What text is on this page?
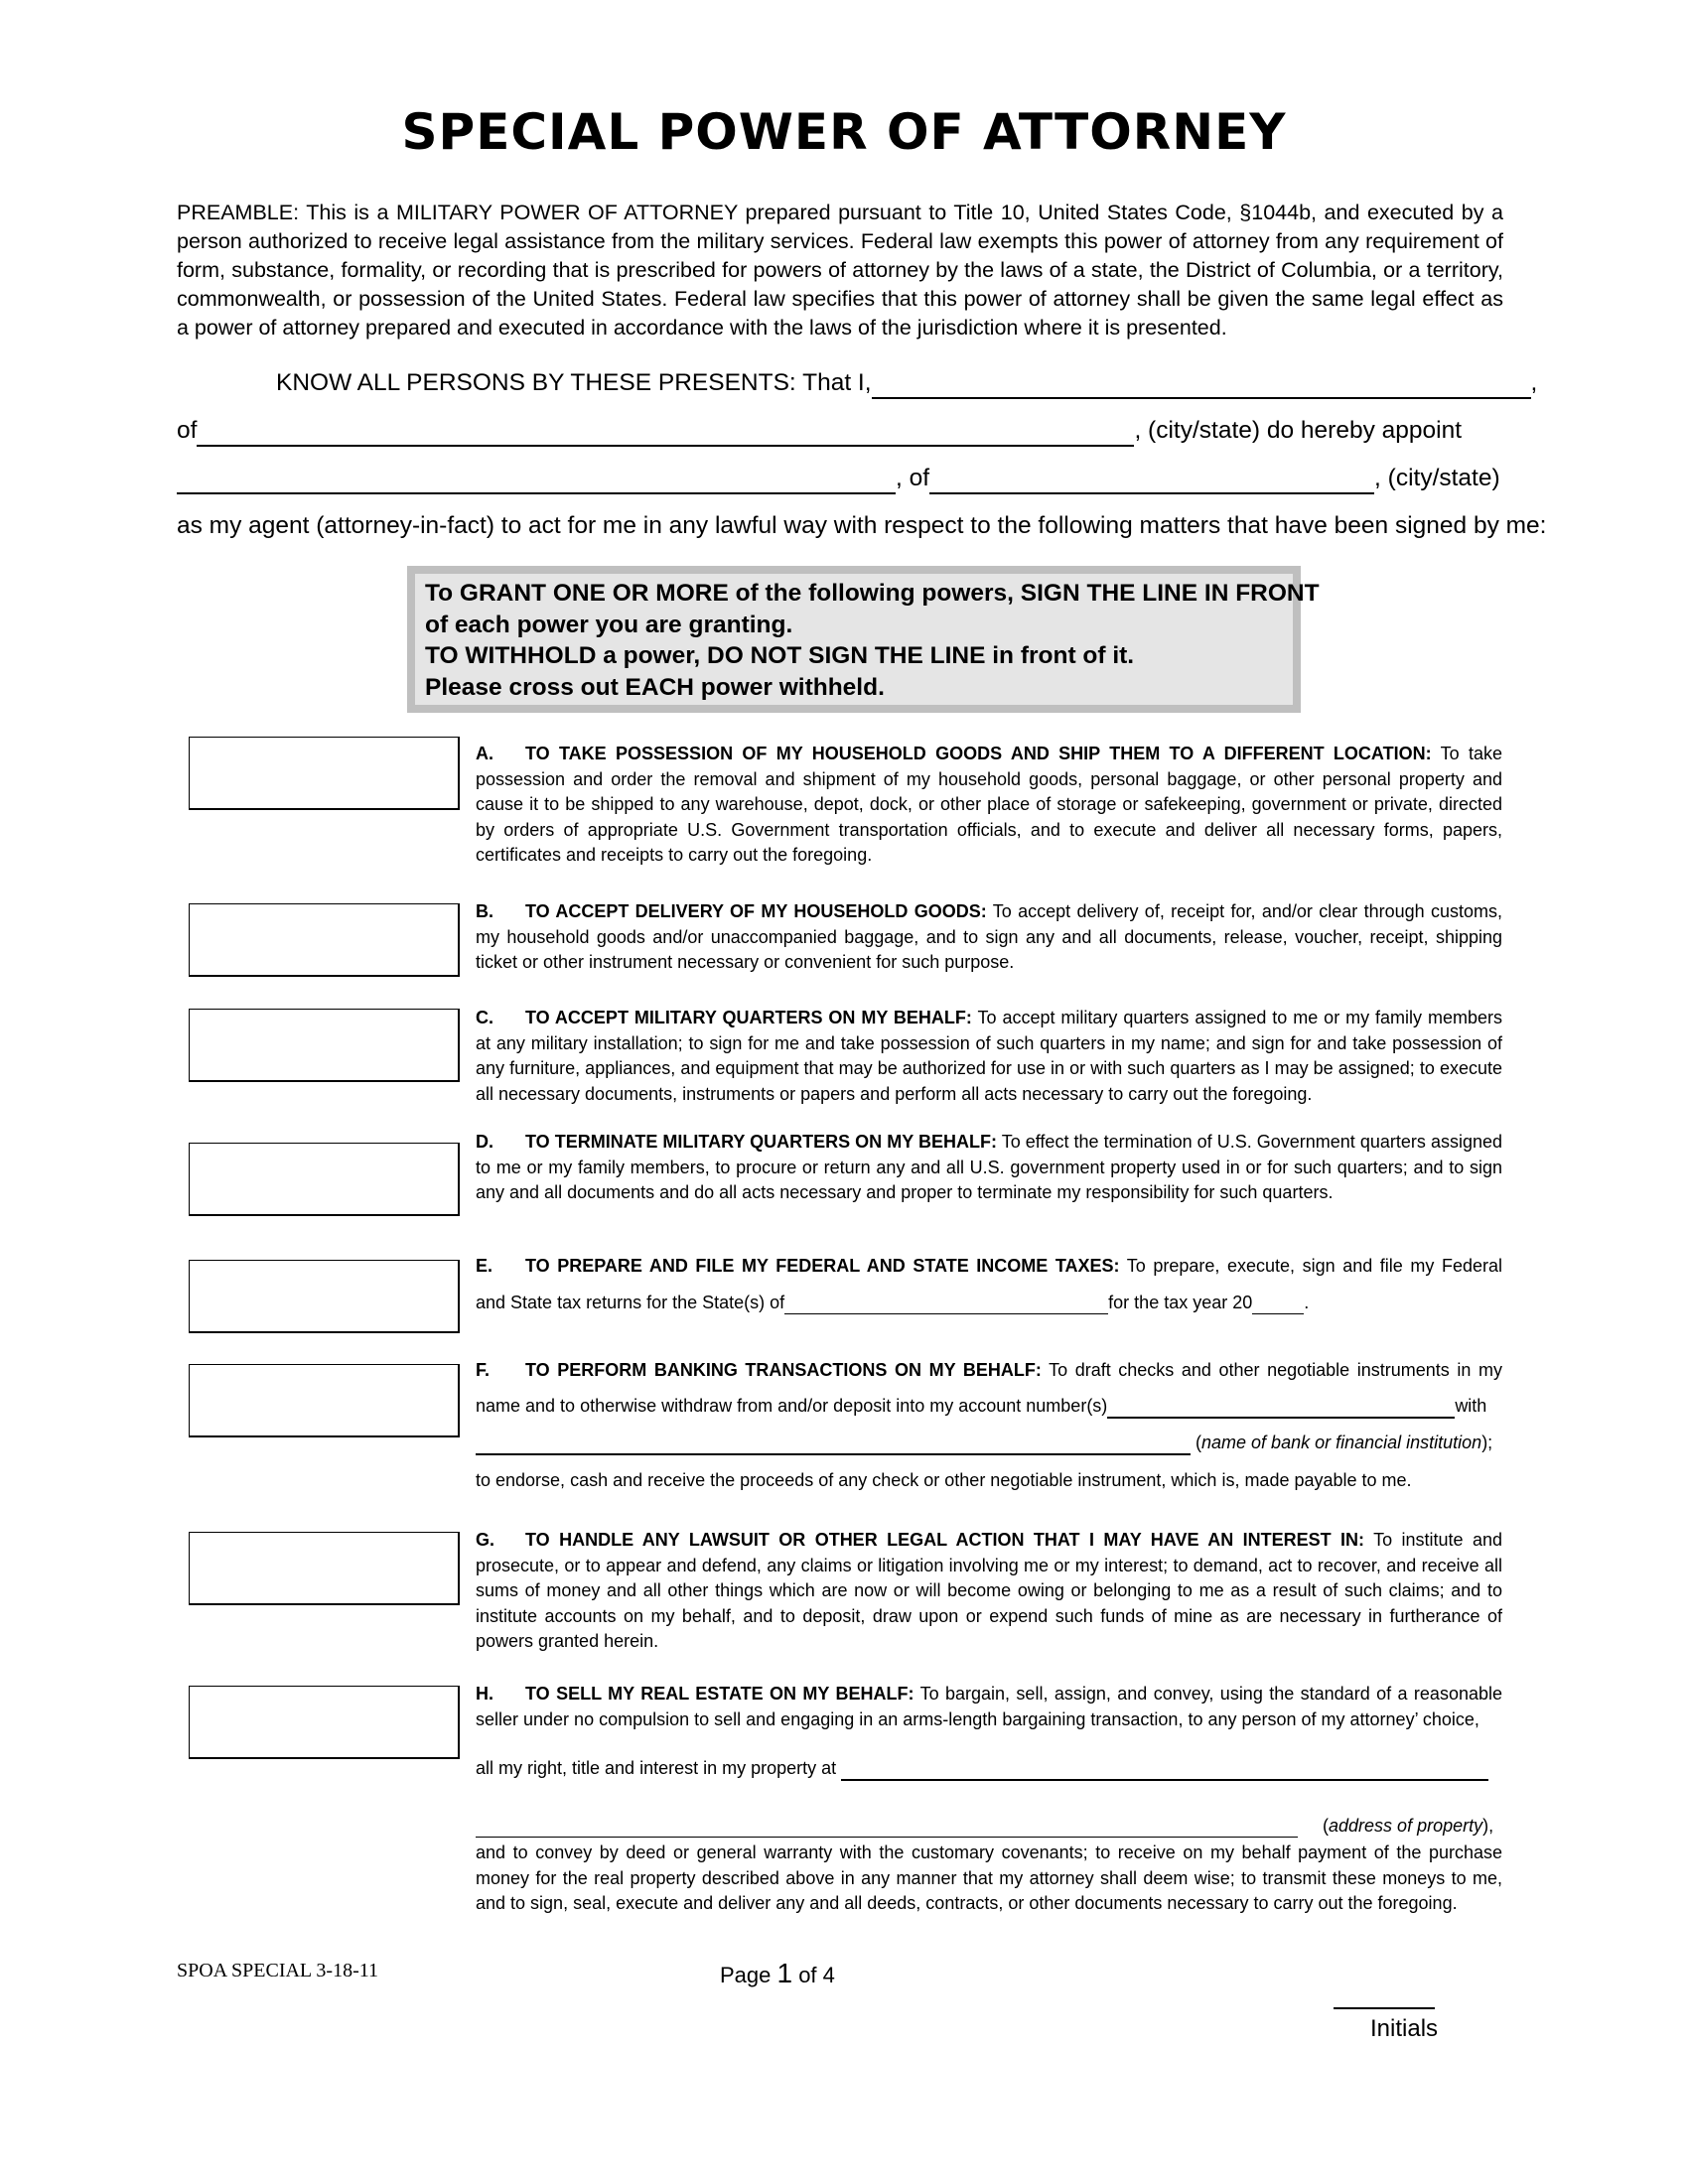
SPECIAL POWER OF ATTORNEY
PREAMBLE: This is a MILITARY POWER OF ATTORNEY prepared pursuant to Title 10, United States Code, §1044b, and executed by a person authorized to receive legal assistance from the military services. Federal law exempts this power of attorney from any requirement of form, substance, formality, or recording that is prescribed for powers of attorney by the laws of a state, the District of Columbia, or a territory, commonwealth, or possession of the United States. Federal law specifies that this power of attorney shall be given the same legal effect as a power of attorney prepared and executed in accordance with the laws of the jurisdiction where it is presented.
KNOW ALL PERSONS BY THESE PRESENTS: That I,	,
of	, (city/state) do hereby appoint
, of	, (city/state)
as my agent (attorney-in-fact) to act for me in any lawful way with respect to the following matters that have been signed by me:
To GRANT ONE OR MORE of the following powers, SIGN THE LINE IN FRONT
of each power you are granting.
TO WITHHOLD a power, DO NOT SIGN THE LINE in front of it.
Please cross out EACH power withheld.
A. TO TAKE POSSESSION OF MY HOUSEHOLD GOODS AND SHIP THEM TO A DIFFERENT LOCATION: To take possession and order the removal and shipment of my household goods, personal baggage, or other personal property and cause it to be shipped to any warehouse, depot, dock, or other place of storage or safekeeping, government or private, directed by orders of appropriate U.S. Government transportation officials, and to execute and deliver all necessary forms, papers, certificates and receipts to carry out the foregoing.
B. TO ACCEPT DELIVERY OF MY HOUSEHOLD GOODS: To accept delivery of, receipt for, and/or clear through customs, my household goods and/or unaccompanied baggage, and to sign any and all documents, release, voucher, receipt, shipping ticket or other instrument necessary or convenient for such purpose.
C. TO ACCEPT MILITARY QUARTERS ON MY BEHALF: To accept military quarters assigned to me or my family members at any military installation; to sign for me and take possession of such quarters in my name; and sign for and take possession of any furniture, appliances, and equipment that may be authorized for use in or with such quarters as I may be assigned; to execute all necessary documents, instruments or papers and perform all acts necessary to carry out the foregoing.
D. TO TERMINATE MILITARY QUARTERS ON MY BEHALF: To effect the termination of U.S. Government quarters assigned to me or my family members, to procure or return any and all U.S. government property used in or for such quarters; and to sign any and all documents and do all acts necessary and proper to terminate my responsibility for such quarters.
E. TO PREPARE AND FILE MY FEDERAL AND STATE INCOME TAXES: To prepare, execute, sign and file my Federal
and State tax returns for the State(s) of	for the tax year 20	.
F. TO PERFORM BANKING TRANSACTIONS ON MY BEHALF: To draft checks and other negotiable instruments in my
name and to otherwise withdraw from and/or deposit into my account number(s)	with
(name of bank or financial institution);
to endorse, cash and receive the proceeds of any check or other negotiable instrument, which is, made payable to me.
G. TO HANDLE ANY LAWSUIT OR OTHER LEGAL ACTION THAT I MAY HAVE AN INTEREST IN: To institute and prosecute, or to appear and defend, any claims or litigation involving me or my interest; to demand, act to recover, and receive all sums of money and all other things which are now or will become owing or belonging to me as a result of such claims; and to institute accounts on my behalf, and to deposit, draw upon or expend such funds of mine as are necessary in furtherance of powers granted herein.
H. TO SELL MY REAL ESTATE ON MY BEHALF: To bargain, sell, assign, and convey, using the standard of a reasonable seller under no compulsion to sell and engaging in an arms-length bargaining transaction, to any person of my attorney’ choice,
all my right, title and interest in my property at
(address of property),
and to convey by deed or general warranty with the customary covenants; to receive on my behalf payment of the purchase money for the real property described above in any manner that my attorney shall deem wise; to transmit these moneys to me, and to sign, seal, execute and deliver any and all deeds, contracts, or other documents necessary to carry out the foregoing.
SPOA SPECIAL 3-18-11	Page 1 of 4
Initials
